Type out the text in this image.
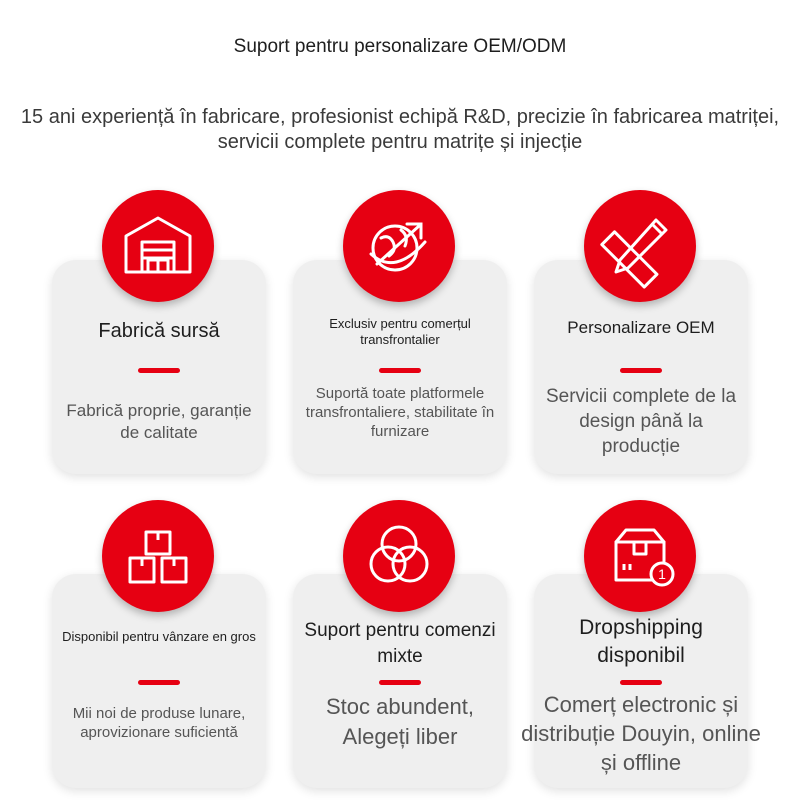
Suport pentru personalizare OEM/ODM
15 ani experiență în fabricare, profesionist echipă R&D, precizie în fabricarea matriței, servicii complete pentru matrițe și injecție
Fabrică sursă
Fabrică proprie, garanție de calitate
Exclusiv pentru comerțul transfrontalier
Suportă toate platformele transfrontaliere, stabilitate în furnizare
Personalizare OEM
Servicii complete de la design până la producție
Disponibil pentru vânzare en gros
Mii noi de produse lunare, aprovizionare suficientă
Suport pentru comenzi mixte
Stoc abundent, Alegeți liber
Dropshipping disponibil
Comerț electronic și distribuție Douyin, online și offline
1
